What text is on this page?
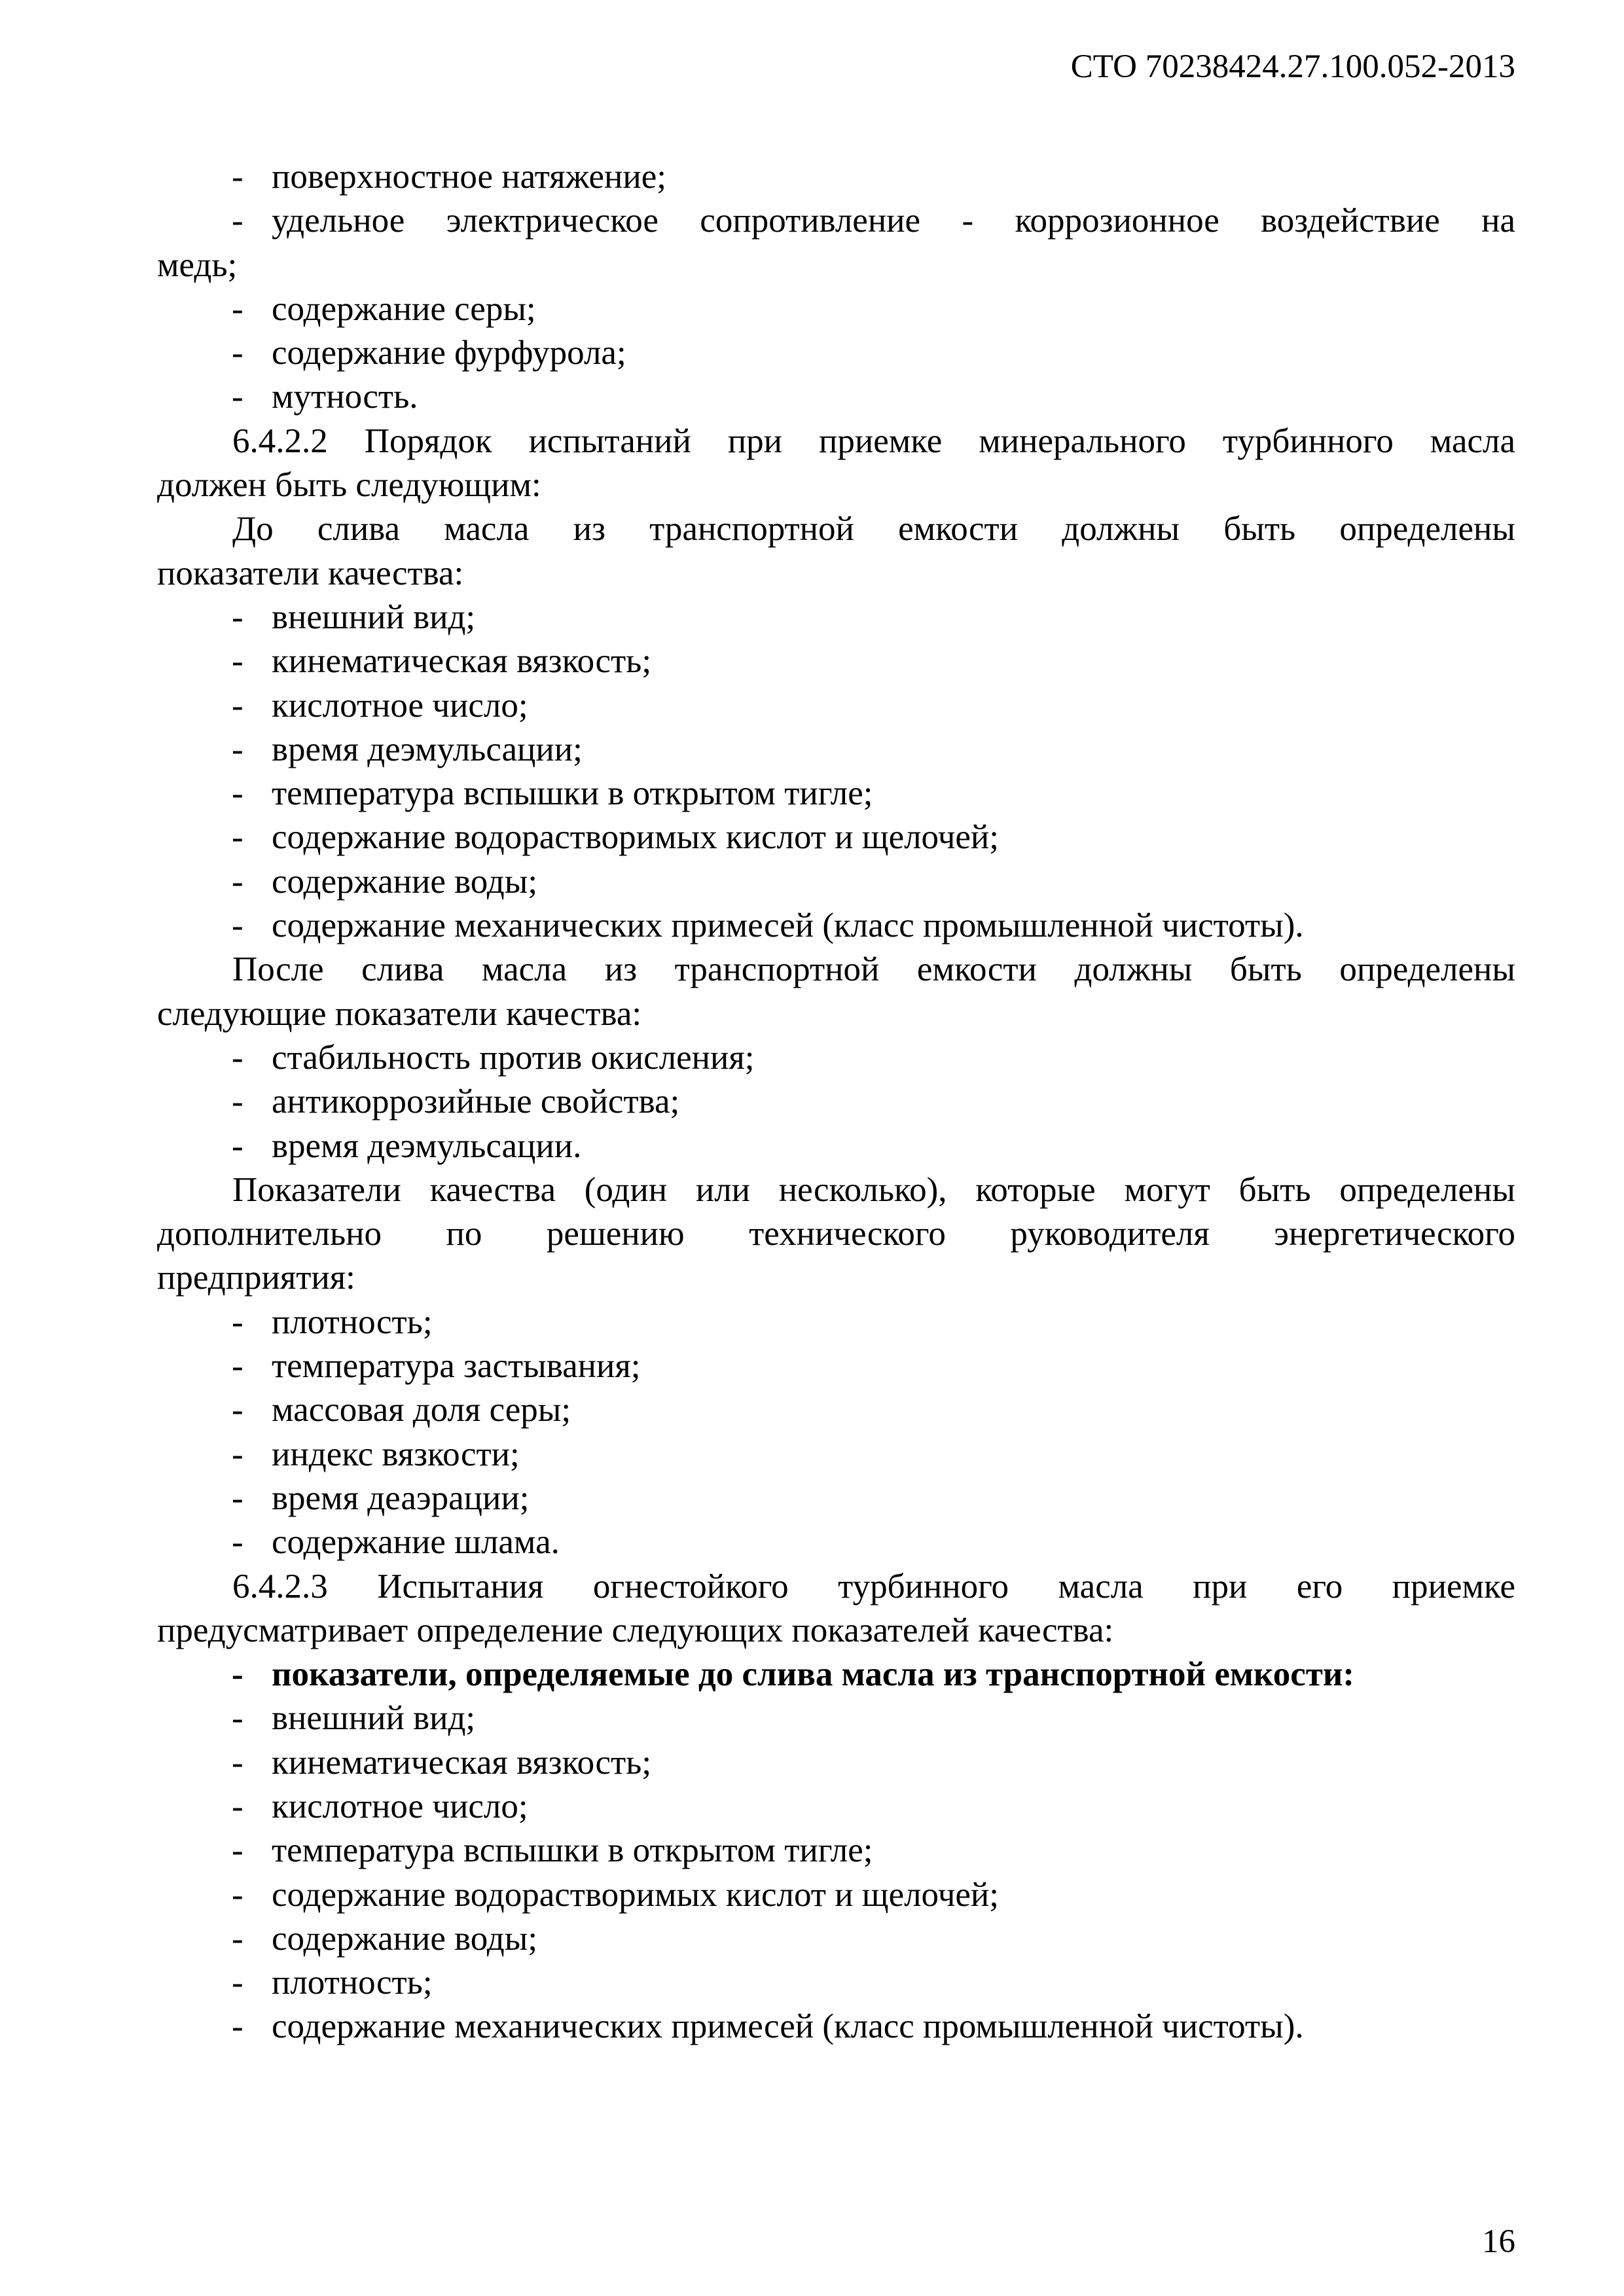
СТО 70238424.27.100.052-2013
- поверхностное натяжение;
- удельное электрическое сопротивление - коррозионное воздействие на
медь;
- содержание серы;
- содержание фурфурола;
- мутность.
6.4.2.2 Порядок испытаний при приемке минерального турбинного масла
должен быть следующим:
До слива масла из транспортной емкости должны быть определены
показатели качества:
- внешний вид;
- кинематическая вязкость;
- кислотное число;
- время деэмульсации;
- температура вспышки в открытом тигле;
- содержание водорастворимых кислот и щелочей;
- содержание воды;
- содержание механических примесей (класс промышленной чистоты).
После слива масла из транспортной емкости должны быть определены
следующие показатели качества:
- стабильность против окисления;
- антикоррозийные свойства;
- время деэмульсации.
Показатели качества (один или несколько), которые могут быть определены
дополнительно по решению технического руководителя энергетического
предприятия:
- плотность;
- температура застывания;
- массовая доля серы;
- индекс вязкости;
- время деаэрации;
- содержание шлама.
6.4.2.3 Испытания огнестойкого турбинного масла при его приемке
предусматривает определение следующих показателей качества:
- показатели, определяемые до слива масла из транспортной емкости:
- внешний вид;
- кинематическая вязкость;
- кислотное число;
- температура вспышки в открытом тигле;
- содержание водорастворимых кислот и щелочей;
- содержание воды;
- плотность;
- содержание механических примесей (класс промышленной чистоты).
16
